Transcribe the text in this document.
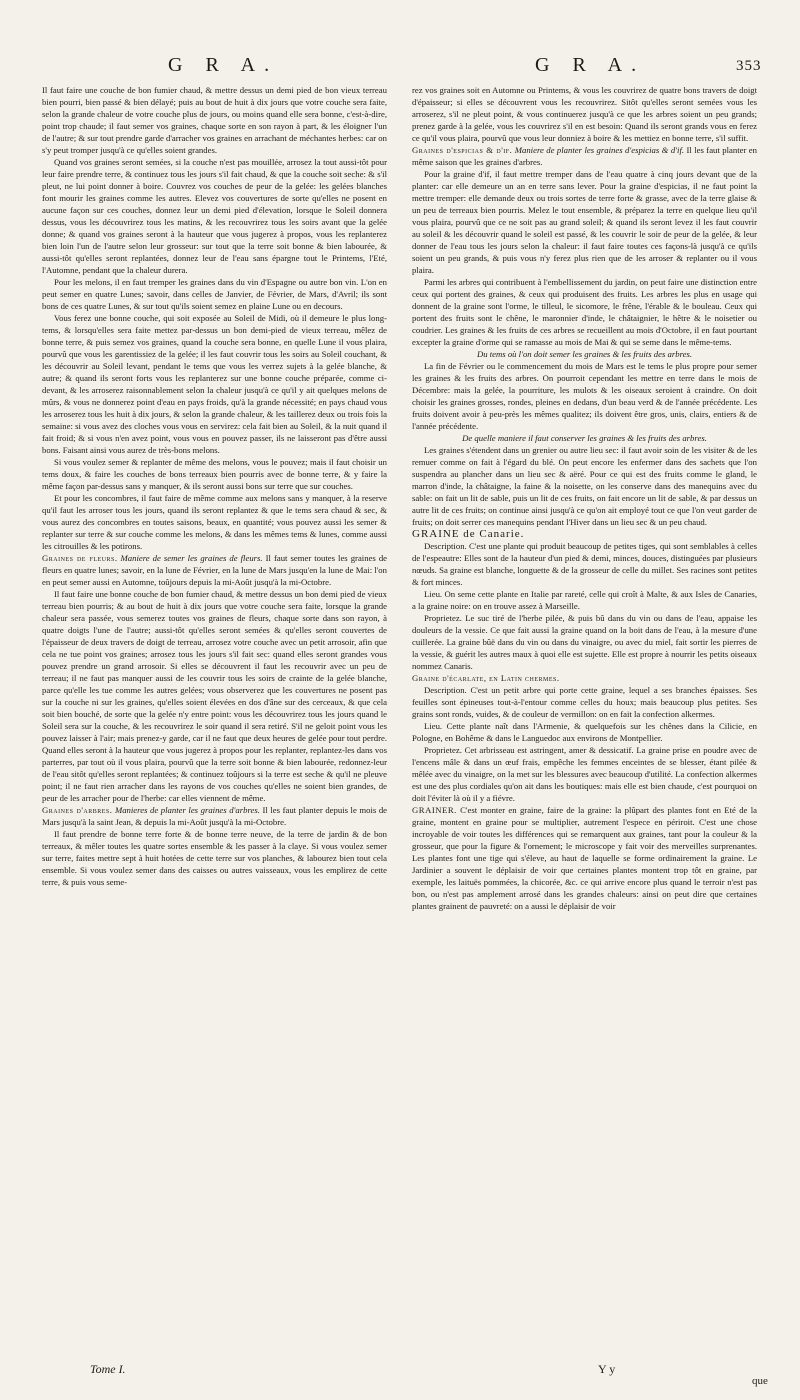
G R A.	G R A.	353

Il faut faire une couche de bon fumier chaud, & mettre dessus un demi pied de bon vieux terreau bien pourri, bien passé & bien délayé; puis au bout de huit à dix jours que votre couche sera faite, selon la grande chaleur de votre couche plus de jours, ou moins quand elle sera bonne, c'est-à-dire, point trop chaude; il faut semer vos graines, chaque sorte en son rayon à part, & les éloigner l'un de l'autre; & sur tout prendre garde d'arracher vos graines en arrachant de méchantes herbes: car on s'y peut tromper jusqu'à ce qu'elles soient grandes.

Quand vos graines seront semées, si la couche n'est pas mouillée, arrosez la tout aussi-tôt pour leur faire prendre terre, & continuez tous les jours s'il fait chaud, & que la couche soit seche: & s'il pleut, ne lui point donner à boire. Couvrez vos couches de peur de la gelée: les gelées blanches font mourir les graines comme les autres. Elevez vos couvertures de sorte qu'elles ne posent en aucune façon sur ces couches, donnez leur un demi pied d'élevation, lorsque le Soleil donnera dessus, vous les découvrirez tous les matins, & les recouvrirez tous les soirs avant que la gelée donne; & quand vos graines seront à la hauteur que vous jugerez à propos, vous les replanterez bien loin l'un de l'autre selon leur grosseur: sur tout que la terre soit bonne & bien labourée, & aussi-tôt qu'elles seront replantées, donnez leur de l'eau sans épargne tout le Printems, l'Eté, l'Automne, pendant que la chaleur durera.

Pour les melons, il en faut tremper les graines dans du vin d'Espagne ou autre bon vin. L'on en peut semer en quatre Lunes; savoir, dans celles de Janvier, de Février, de Mars, d'Avril; ils sont bons de ces quatre Lunes, & sur tout qu'ils soient semez en plaine Lune ou en decours.

Vous ferez une bonne couche, qui soit exposée au Soleil de Midi, où il demeure le plus long-tems, & lorsqu'elles sera faite mettez par-dessus un bon demi-pied de vieux terreau, mêlez de bonne terre, & puis semez vos graines, quand la couche sera bonne, en quelle Lune il vous plaira, pourvû que vous les garentissiez de la gelée; il les faut couvrir tous les soirs au Soleil couchant, & les découvrir au Soleil levant, pendant le tems que vous les verrez sujets à la gelée blanche, & autre; & quand ils seront forts vous les replanterez sur une bonne couche préparée, comme ci-devant, & les arroserez raisonnablement selon la chaleur jusqu'à ce qu'il y ait quelques melons de mûrs, & vous ne donnerez point d'eau en pays froids, qu'à la grande nécessité; en pays chaud vous les arroserez tous les huit à dix jours, & selon la grande chaleur, & les taillerez deux ou trois fois la semaine: si vous avez des cloches vous vous en servirez: cela fait bien au Soleil, & la nuit quand il fait froid; & si vous n'en avez point, vous vous en pouvez passer, ils ne laisseront pas d'être aussi bons. Faisant ainsi vous aurez de très-bons melons.

Si vous voulez semer & replanter de même des melons, vous le pouvez; mais il faut choisir un tems doux, & faire les couches de bons terreaux bien pourris avec de bonne terre, & y faire la même façon par-dessus sans y manquer, & ils seront aussi bons sur terre que sur couches.

Et pour les concombres, il faut faire de même comme aux melons sans y manquer, à la reserve qu'il faut les arroser tous les jours, quand ils seront replantez & que le tems sera chaud & sec, & vous aurez des concombres en toutes saisons, beaux, en quantité; vous pouvez aussi les semer & replanter sur terre & sur couche comme les melons, & dans les mêmes tems & lunes, comme aussi les citrouilles & les potirons.

Graines de fleurs. Maniere de semer les graines de fleurs. Il faut semer toutes les graines de fleurs en quatre lunes; savoir, en la lune de Février, en la lune de Mars jusqu'en la lune de Mai: l'on en peut semer aussi en Automne, toûjours depuis la mi-Août jusqu'à la mi-Octobre.

Il faut faire une bonne couche de bon fumier chaud, & mettre dessus un bon demi pied de vieux terreau bien pourris; & au bout de huit à dix jours que votre couche sera faite, lorsque la grande chaleur sera passée, vous semerez toutes vos graines de fleurs, chaque sorte dans son rayon, à quatre doigts l'une de l'autre; aussi-tôt qu'elles seront semées & qu'elles seront couvertes de l'épaisseur de deux travers de doigt de terreau, arrosez votre couche avec un petit arrosoir, afin que cela ne tue point vos graines; arrosez tous les jours s'il fait sec: quand elles seront grandes vous pouvez prendre un grand arrosoir. Si elles se découvrent il faut les recouvrir avec un peu de terreau; il ne faut pas manquer aussi de les couvrir tous les soirs de crainte de la gelée blanche, parce qu'elle les tue comme les autres gelées; vous observerez que les couvertures ne posent pas sur la couche ni sur les graines, qu'elles soient élevées en dos d'âne sur des cerceaux, & que cela soit bien bouché, de sorte que la gelée n'y entre point: vous les découvrirez tous les jours quand le Soleil sera sur la couche, & les recouvrirez le soir quand il sera retiré. S'il ne geloit point vous les pouvez laisser à l'air; mais prenez-y garde, car il ne faut que deux heures de gelée pour tout perdre. Quand elles seront à la hauteur que vous jugerez à propos pour les replanter, replantez-les dans vos parterres, par tout où il vous plaira, pourvû que la terre soit bonne & bien labourée, redonnez-leur de l'eau sitôt qu'elles seront replantées; & continuez toûjours si la terre est seche & qu'il ne pleuve point; il ne faut rien arracher dans les rayons de vos couches qu'elles ne soient bien grandes, de peur de les arracher pour de l'herbe: car elles viennent de même.

Graines d'arbres. Manieres de planter les graines d'arbres. Il les faut planter depuis le mois de Mars jusqu'à la saint Jean, & depuis la mi-Août jusqu'à la mi-Octobre.

Il faut prendre de bonne terre forte & de bonne terre neuve, de la terre de jardin & de bon terreaux, & mêler toutes les quatre sortes ensemble & les passer à la claye. Si vous voulez semer sur terre, faites mettre sept à huit hotées de cette terre sur vos planches, & labourez bien tout cela ensemble. Si vous voulez semer dans des caisses ou autres vaisseaux, vous les emplirez de cette terre, & puis vous seme-

rez vos graines soit en Automne ou Printems, & vous les couvrirez de quatre bons travers de doigt d'épaisseur; si elles se découvrent vous les recouvrirez. Sitôt qu'elles seront semées vous les arroserez, s'il ne pleut point, & vous continuerez jusqu'à ce que les arbres soient un peu grands; prenez garde à la gelée, vous les couvrirez s'il en est besoin: Quand ils seront grands vous en ferez ce qu'il vous plaira, pourvû que vous leur donniez à boire & les mettiez en bonne terre, s'il suffit.

Graines d'espicias & d'if. Maniere de planter les graines d'espicias & d'if. Il les faut planter en même saison que les graines d'arbres.

Pour la graine d'if, il faut mettre tremper dans de l'eau quatre à cinq jours devant que de la planter: car elle demeure un an en terre sans lever. Pour la graine d'espicias, il ne faut point la mettre tremper: elle demande deux ou trois sortes de terre forte & grasse, avec de la terre glaise & un peu de terreaux bien pourris. Melez le tout ensemble, & préparez la terre en quelque lieu qu'il vous plaira, pourvû que ce ne soit pas au grand soleil; & quand ils seront levez il les faut couvrir au soleil & les découvrir quand le soleil est passé, & les couvrir le soir de peur de la gelée, & leur donner de l'eau tous les jours selon la chaleur: il faut faire toutes ces façons-là jusqu'à ce qu'ils soient un peu grands, & puis vous n'y ferez plus rien que de les arroser & replanter ou il vous plaira.

Parmi les arbres qui contribuent à l'embellissement du jardin, on peut faire une distinction entre ceux qui portent des graines, & ceux qui produisent des fruits. Les arbres les plus en usage qui donnent de la graine sont l'orme, le tilleul, le sicomore, le frêne, l'érable & le bouleau. Ceux qui portent des fruits sont le chêne, le maronnier d'inde, le châtaignier, le hêtre & le noisetier ou coudrier. Les graines & les fruits de ces arbres se recueillent au mois d'Octobre, il en faut pourtant excepter la graine d'orme qui se ramasse au mois de Mai & qui se seme dans le même-tems.

Du tems où l'on doit semer les graines & les fruits des arbres.

La fin de Février ou le commencement du mois de Mars est le tems le plus propre pour semer les graines & les fruits des arbres. On pourroit cependant les mettre en terre dans le mois de Décembre: mais la gelée, la pourriture, les mulots & les oiseaux seroient à craindre. On doit choisir les graines grosses, rondes, pleines en dedans, d'un beau verd & de l'année précédente. Les fruits doivent avoir à peu-près les mêmes qualitez; ils doivent être gros, unis, clairs, entiers & de l'année précédente.

De quelle maniere il faut conserver les graines & les fruits des arbres.

Les graines s'étendent dans un grenier ou autre lieu sec: il faut avoir soin de les visiter & de les remuer comme on fait à l'égard du blé. On peut encore les enfermer dans des sachets que l'on suspendra au plancher dans un lieu sec & aëré. Pour ce qui est des fruits comme le gland, le marron d'inde, la châtaigne, la faine & la noisette, on les conserve dans des manequins avec du sable: on fait un lit de sable, puis un lit de ces fruits, on fait encore un lit de sable, & par dessus un autre lit de ces fruits; on continue ainsi jusqu'à ce qu'on ait employé tout ce que l'on veut garder de fruits; on doit serrer ces manequins pendant l'Hiver dans un lieu sec & un peu chaud.

GRAINE de Canarie.

Description. C'est une plante qui produit beaucoup de petites tiges, qui sont semblables à celles de l'espeautre: Elles sont de la hauteur d'un pied & demi, minces, douces, distinguées par plusieurs nœuds. Sa graine est blanche, longuette & de la grosseur de celle du millet. Ses racines sont petites & fort minces.

Lieu. On seme cette plante en Italie par rareté, celle qui croît à Malte, & aux Isles de Canaries, a la graine noire: on en trouve assez à Marseille.

Proprietez. Le suc tiré de l'herbe pilée, & puis bû dans du vin ou dans de l'eau, appaise les douleurs de la vessie. Ce que fait aussi la graine quand on la boit dans de l'eau, à la mesure d'une cuillerée. La graine bûë dans du vin ou dans du vinaigre, ou avec du miel, fait sortir les pierres de la vessie, & guérit les autres maux à quoi elle est sujette. Elle est propre à nourrir les petits oiseaux nommez Canaris.

Graine d'écarlate, en Latin chermes.

Description. C'est un petit arbre qui porte cette graine, lequel a ses branches épaisses. Ses feuilles sont épineuses tout-à-l'entour comme celles du houx; mais beaucoup plus petites. Ses grains sont ronds, vuides, & de couleur de vermillon: on en fait la confection alkermes.

Lieu. Cette plante naît dans l'Armenie, & quelquefois sur les chênes dans la Cilicie, en Pologne, en Bohême & dans le Languedoc aux environs de Montpellier.

Proprietez. Cet arbrisseau est astringent, amer & dessicatif. La graine prise en poudre avec de l'encens mâle & dans un œuf frais, empêche les femmes enceintes de se blesser, étant pilée & mêlée avec du vinaigre, on la met sur les blessures avec beaucoup d'utilité. La confection alkermes est une des plus cordiales qu'on ait dans les boutiques: mais elle est bien chaude, c'est pourquoi on doit l'éviter là où il y a fiévre.

GRAINER. C'est monter en graine, faire de la graine: la plûpart des plantes font en Eté de la graine, montent en graine pour se multiplier, autrement l'espece en périroit. C'est une chose incroyable de voir toutes les différences qui se remarquent aux graines, tant pour la couleur & la grosseur, que pour la figure & l'ornement; le microscope y fait voir des merveilles surprenantes. Les plantes font une tige qui s'éleve, au haut de laquelle se forme ordinairement la graine. Le Jardinier a souvent le déplaisir de voir que certaines plantes montent trop tôt en graine, par exemple, les laituës pommées, la chicorée, &c. ce qui arrive encore plus quand le terroir n'est pas bon, ou n'est pas amplement arrosé dans les grandes chaleurs: ainsi on peut dire que certaines plantes grainent de pauvreté: on a aussi le déplaisir de voir

Tome I.	Y y
que
